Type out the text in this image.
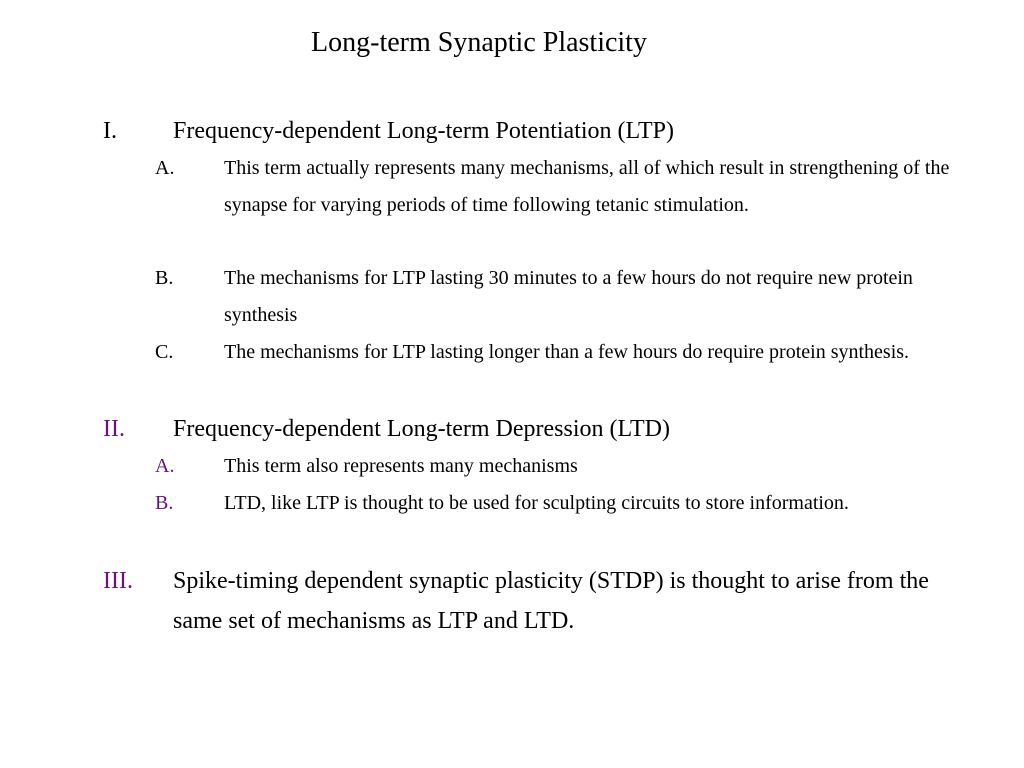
Long-term Synaptic Plasticity
I. Frequency-dependent Long-term Potentiation (LTP)
A. This term actually represents many mechanisms, all of which result in strengthening of the synapse for varying periods of time following tetanic stimulation.
B.	The mechanisms for LTP lasting 30 minutes to a few hours do not require new protein synthesis
C.	The mechanisms for LTP lasting longer than a few hours do require protein synthesis.
II. Frequency-dependent Long-term Depression (LTD)
A. This term also represents many mechanisms
B.	LTD, like LTP is thought to be used for sculpting circuits to store information.
III. Spike-timing dependent synaptic plasticity (STDP) is thought to arise from the same set of mechanisms as LTP and LTD.
